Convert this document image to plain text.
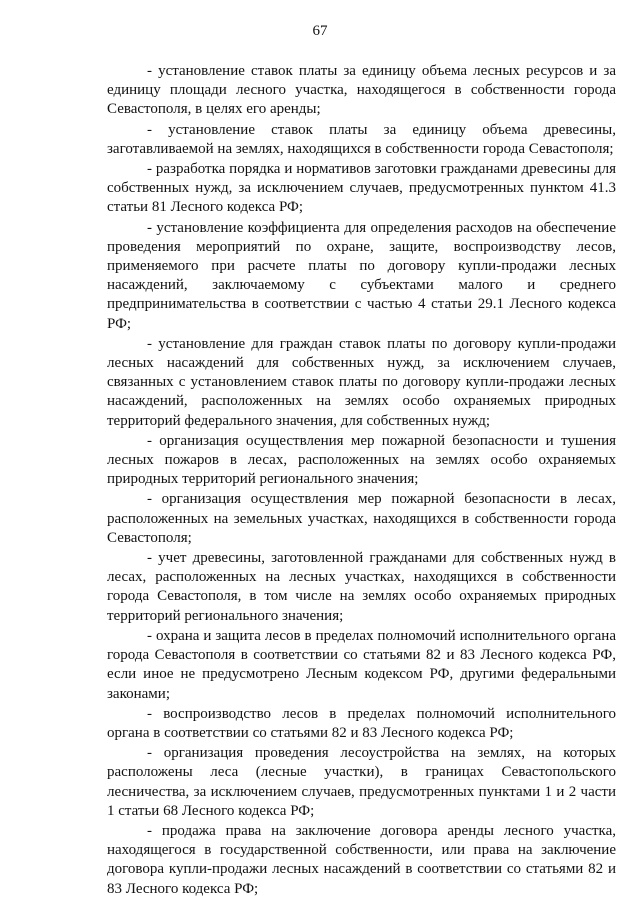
67

- установление ставок платы за единицу объема лесных ресурсов и за единицу площади лесного участка, находящегося в собственности города Севастополя, в целях его аренды;

- установление ставок платы за единицу объема древесины, заготавливаемой на землях, находящихся в собственности города Севастополя;

- разработка порядка и нормативов заготовки гражданами древесины для собственных нужд, за исключением случаев, предусмотренных пунктом 41.3 статьи 81 Лесного кодекса РФ;

- установление коэффициента для определения расходов на обеспечение проведения мероприятий по охране, защите, воспроизводству лесов, применяемого при расчете платы по договору купли-продажи лесных насаждений, заключаемому с субъектами малого и среднего предпринимательства в соответствии с частью 4 статьи 29.1 Лесного кодекса РФ;

- установление для граждан ставок платы по договору купли-продажи лесных насаждений для собственных нужд, за исключением случаев, связанных с установлением ставок платы по договору купли-продажи лесных насаждений, расположенных на землях особо охраняемых природных территорий федерального значения, для собственных нужд;

- организация осуществления мер пожарной безопасности и тушения лесных пожаров в лесах, расположенных на землях особо охраняемых природных территорий регионального значения;

- организация осуществления мер пожарной безопасности в лесах, расположенных на земельных участках, находящихся в собственности города Севастополя;

- учет древесины, заготовленной гражданами для собственных нужд в лесах, расположенных на лесных участках, находящихся в собственности города Севастополя, в том числе на землях особо охраняемых природных территорий регионального значения;

- охрана и защита лесов в пределах полномочий исполнительного органа города Севастополя в соответствии со статьями 82 и 83 Лесного кодекса РФ, если иное не предусмотрено Лесным кодексом РФ, другими федеральными законами;

- воспроизводство лесов в пределах полномочий исполнительного органа в соответствии со статьями 82 и 83 Лесного кодекса РФ;

- организация проведения лесоустройства на землях, на которых расположены леса (лесные участки), в границах Севастопольского лесничества, за исключением случаев, предусмотренных пунктами 1 и 2 части 1 статьи 68 Лесного кодекса РФ;

- продажа права на заключение договора аренды лесного участка, находящегося в государственной собственности, или права на заключение договора купли-продажи лесных насаждений в соответствии со статьями 82 и 83 Лесного кодекса РФ;
